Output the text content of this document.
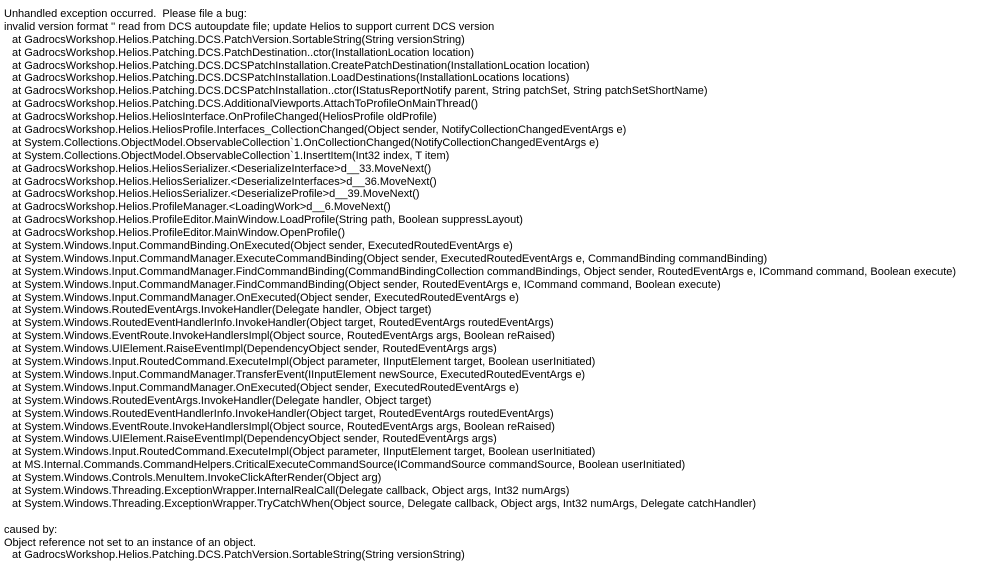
Unhandled exception occurred.  Please file a bug:
invalid version format '' read from DCS autoupdate file; update Helios to support current DCS version
at GadrocsWorkshop.Helios.Patching.DCS.PatchVersion.SortableString(String versionString)
at GadrocsWorkshop.Helios.Patching.DCS.PatchDestination..ctor(InstallationLocation location)
at GadrocsWorkshop.Helios.Patching.DCS.DCSPatchInstallation.CreatePatchDestination(InstallationLocation location)
at GadrocsWorkshop.Helios.Patching.DCS.DCSPatchInstallation.LoadDestinations(InstallationLocations locations)
at GadrocsWorkshop.Helios.Patching.DCS.DCSPatchInstallation..ctor(IStatusReportNotify parent, String patchSet, String patchSetShortName)
at GadrocsWorkshop.Helios.Patching.DCS.AdditionalViewports.AttachToProfileOnMainThread()
at GadrocsWorkshop.Helios.HeliosInterface.OnProfileChanged(HeliosProfile oldProfile)
at GadrocsWorkshop.Helios.HeliosProfile.Interfaces_CollectionChanged(Object sender, NotifyCollectionChangedEventArgs e)
at System.Collections.ObjectModel.ObservableCollection`1.OnCollectionChanged(NotifyCollectionChangedEventArgs e)
at System.Collections.ObjectModel.ObservableCollection`1.InsertItem(Int32 index, T item)
at GadrocsWorkshop.Helios.HeliosSerializer.<DeserializeInterface>d__33.MoveNext()
at GadrocsWorkshop.Helios.HeliosSerializer.<DeserializeInterfaces>d__36.MoveNext()
at GadrocsWorkshop.Helios.HeliosSerializer.<DeserializeProfile>d__39.MoveNext()
at GadrocsWorkshop.Helios.ProfileManager.<LoadingWork>d__6.MoveNext()
at GadrocsWorkshop.Helios.ProfileEditor.MainWindow.LoadProfile(String path, Boolean suppressLayout)
at GadrocsWorkshop.Helios.ProfileEditor.MainWindow.OpenProfile()
at System.Windows.Input.CommandBinding.OnExecuted(Object sender, ExecutedRoutedEventArgs e)
at System.Windows.Input.CommandManager.ExecuteCommandBinding(Object sender, ExecutedRoutedEventArgs e, CommandBinding commandBinding)
at System.Windows.Input.CommandManager.FindCommandBinding(CommandBindingCollection commandBindings, Object sender, RoutedEventArgs e, ICommand command, Boolean execute)
at System.Windows.Input.CommandManager.FindCommandBinding(Object sender, RoutedEventArgs e, ICommand command, Boolean execute)
at System.Windows.Input.CommandManager.OnExecuted(Object sender, ExecutedRoutedEventArgs e)
at System.Windows.RoutedEventArgs.InvokeHandler(Delegate handler, Object target)
at System.Windows.RoutedEventHandlerInfo.InvokeHandler(Object target, RoutedEventArgs routedEventArgs)
at System.Windows.EventRoute.InvokeHandlersImpl(Object source, RoutedEventArgs args, Boolean reRaised)
at System.Windows.UIElement.RaiseEventImpl(DependencyObject sender, RoutedEventArgs args)
at System.Windows.Input.RoutedCommand.ExecuteImpl(Object parameter, IInputElement target, Boolean userInitiated)
at System.Windows.Input.CommandManager.TransferEvent(IInputElement newSource, ExecutedRoutedEventArgs e)
at System.Windows.Input.CommandManager.OnExecuted(Object sender, ExecutedRoutedEventArgs e)
at System.Windows.RoutedEventArgs.InvokeHandler(Delegate handler, Object target)
at System.Windows.RoutedEventHandlerInfo.InvokeHandler(Object target, RoutedEventArgs routedEventArgs)
at System.Windows.EventRoute.InvokeHandlersImpl(Object source, RoutedEventArgs args, Boolean reRaised)
at System.Windows.UIElement.RaiseEventImpl(DependencyObject sender, RoutedEventArgs args)
at System.Windows.Input.RoutedCommand.ExecuteImpl(Object parameter, IInputElement target, Boolean userInitiated)
at MS.Internal.Commands.CommandHelpers.CriticalExecuteCommandSource(ICommandSource commandSource, Boolean userInitiated)
at System.Windows.Controls.MenuItem.InvokeClickAfterRender(Object arg)
at System.Windows.Threading.ExceptionWrapper.InternalRealCall(Delegate callback, Object args, Int32 numArgs)
at System.Windows.Threading.ExceptionWrapper.TryCatchWhen(Object source, Delegate callback, Object args, Int32 numArgs, Delegate catchHandler)
caused by:
Object reference not set to an instance of an object.
at GadrocsWorkshop.Helios.Patching.DCS.PatchVersion.SortableString(String versionString)
